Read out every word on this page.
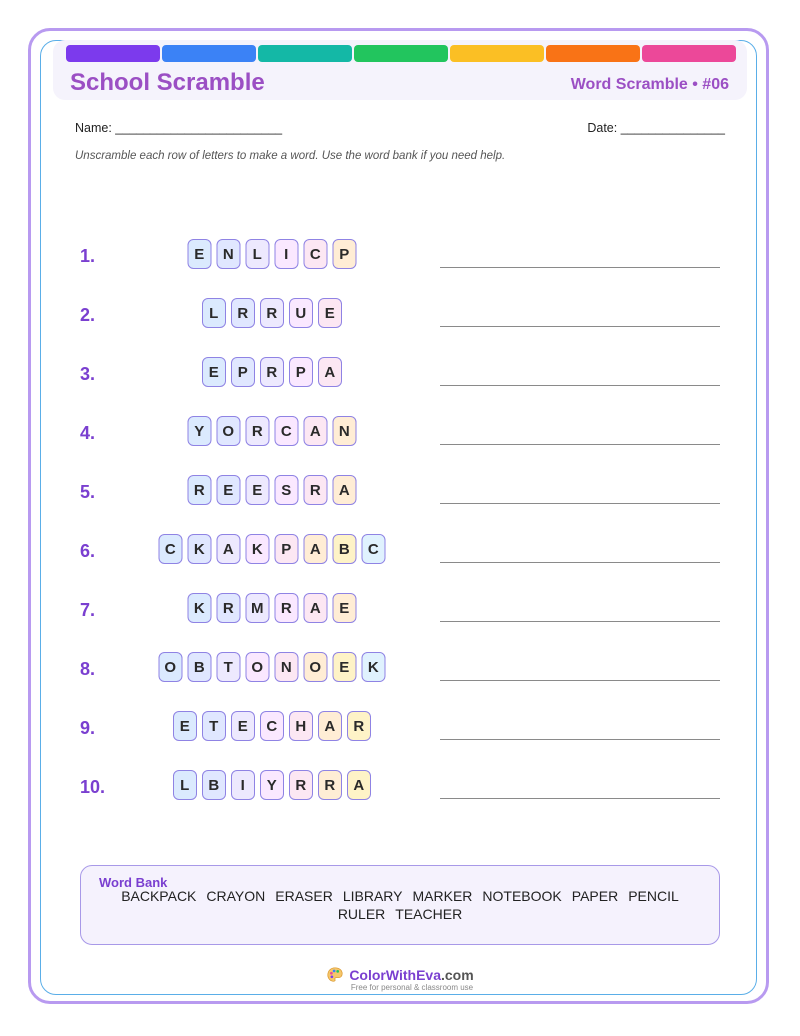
School Scramble	Word Scramble • #06
Name: ________________________	Date: _______________
Unscramble each row of letters to make a word. Use the word bank if you need help.
1.	E	N	L	I	C	P
2.	L	R	R	U	E
3.	E	P	R	P	A
4.	Y	O	R	C	A	N
5.	R	E	E	S	R	A
6.	C	K	A	K	P	A	B	C
7.	K	R	M	R	A	E
8.	O	B	T	O	N	O	E	K
9.	E	T	E	C	H	A	R
10.	L	B	I	Y	R	R	A
Word Bank
BACKPACK CRAYON ERASER LIBRARY MARKER NOTEBOOK PAPER PENCILRULER TEACHER
ColorWithEva.com
Free for personal & classroom use
